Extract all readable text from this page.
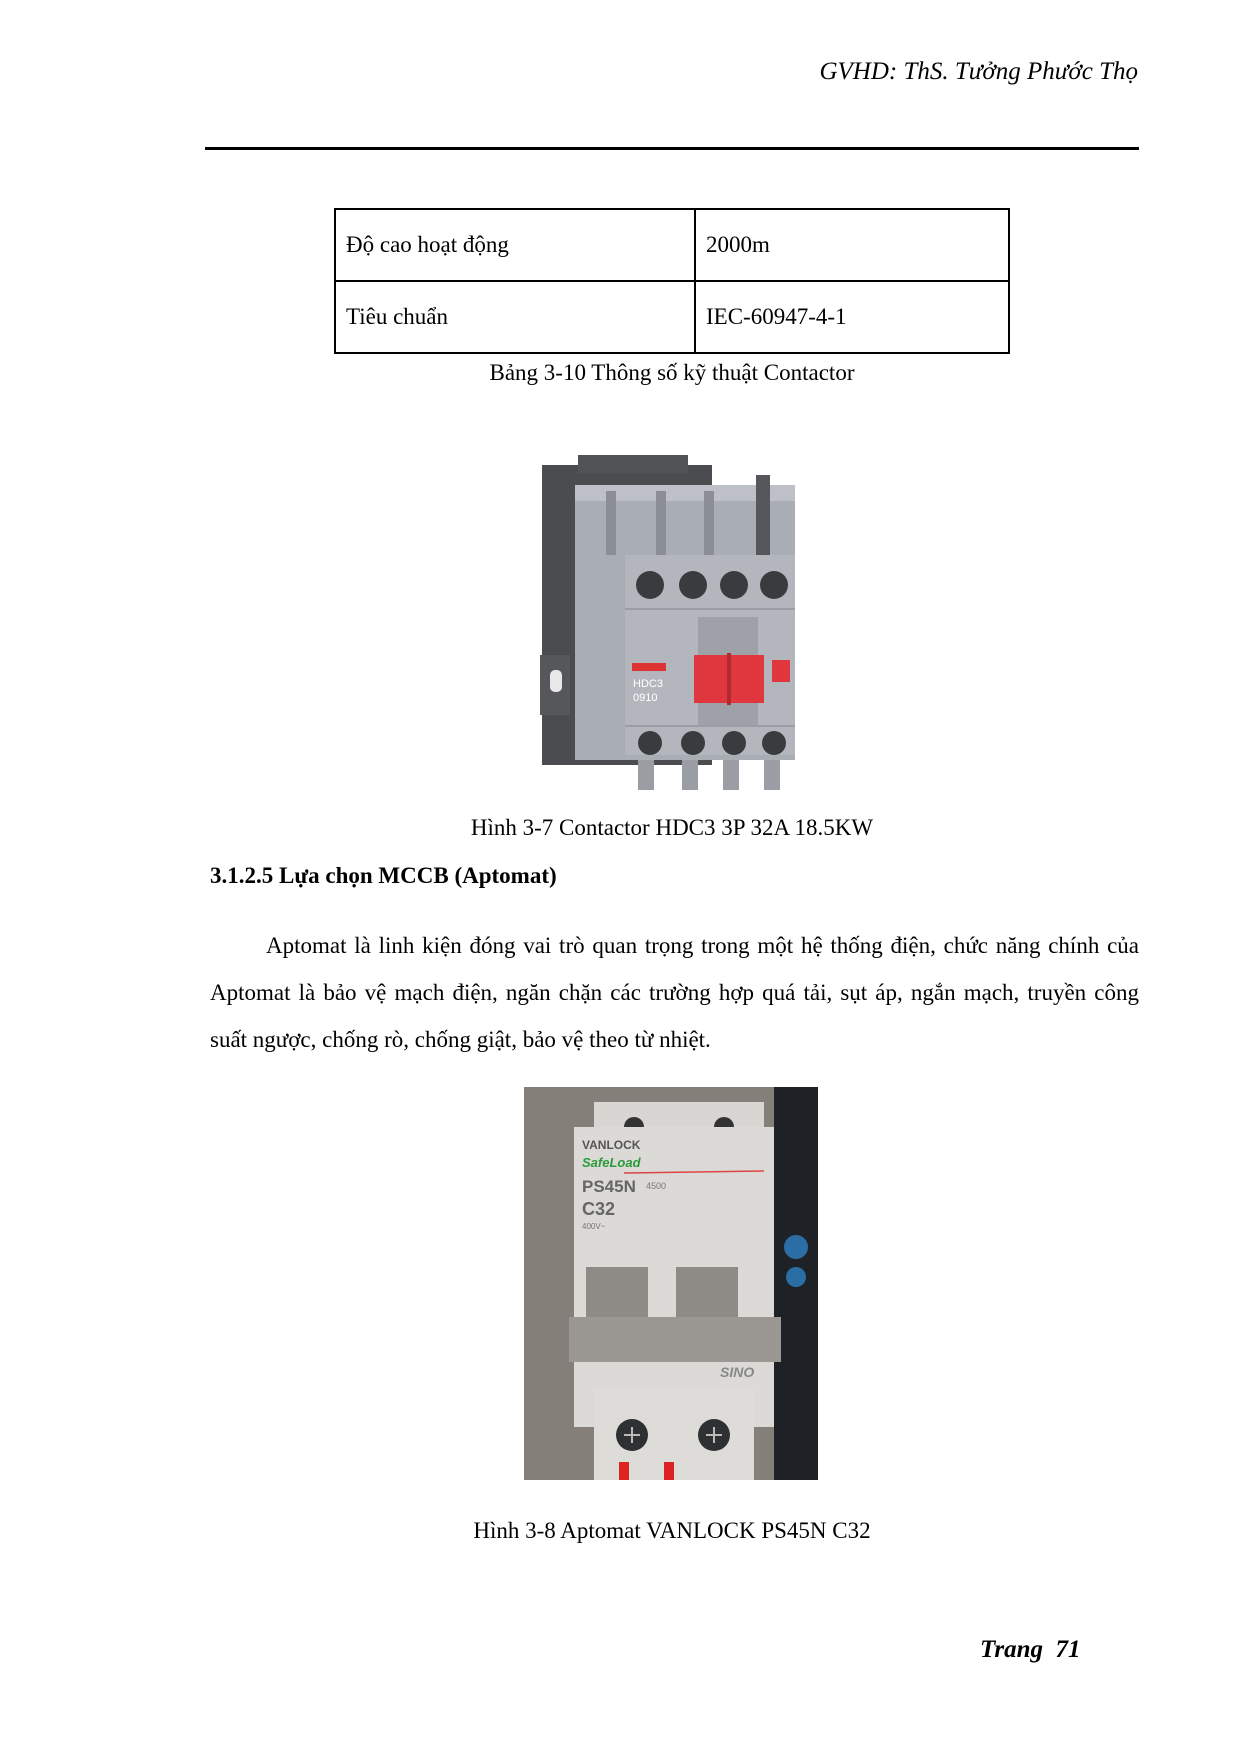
GVHD: ThS. Tưởng Phước Thọ
Độ cao hoạt động	2000m
Tiêu chuẩn	IEC-60947-4-1
Bảng 3-10 Thông số kỹ thuật Contactor
HDC3
0910
Hình 3-7 Contactor HDC3 3P 32A 18.5KW
3.1.2.5 Lựa chọn MCCB (Aptomat)
Aptomat là linh kiện đóng vai trò quan trọng trong một hệ thống điện, chức năng chính của Aptomat là bảo vệ mạch điện, ngăn chặn các trường hợp quá tải, sụt áp, ngắn mạch, truyền công suất ngược, chống rò, chống giật, bảo vệ theo từ nhiệt.
VANLOCK
SafeLoad
PS45N 4500
C32
400V~
SINO
Hình 3-8 Aptomat VANLOCK PS45N C32
Trang  71
